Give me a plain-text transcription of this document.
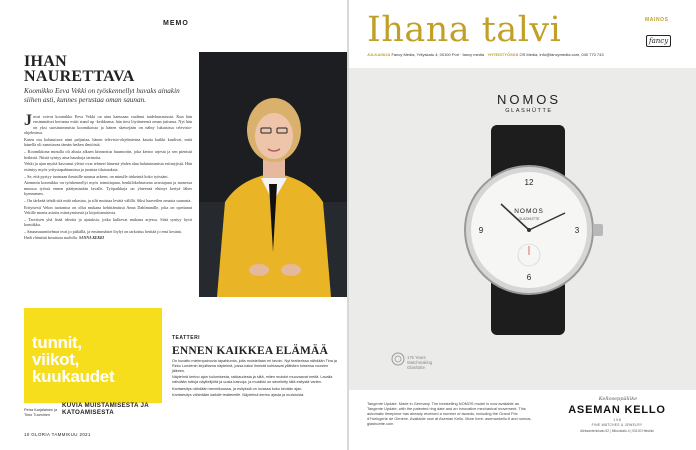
MEMO
IHAN
NAURETTAVA
Koomikko Eeva Vekki on työskennellyt huvaks ainakin siihen asti, kunnes perustaa oman saunan.

Juvat voivat koomikko Eeva Vekki on aina kanssaan vaalinut taideharrastusta. Kun hän ensimmäiset kertansa esitti stand up -keikkansa, hän tiesi löytäneensä oman juttunsa. Nyt hän on yksi suosituimmista koomikoista ja hänen sketsejään on nähty lukuisissa televisio-ohjelmissa.

Kuten osa kohauttava nimi paljastaa, hänen televisio-ohjelmiensa kautta kaikki kuulivat, mitä hänellä oli sanottavaa tämän hetken ilmiöistä.

– Koomikkona minulla oli alusta alkaen kiinnostus huumoriin, joka kertoo arjesta ja sen pienistä hetkistä. Niistä syntyy aina hauskoja tarinoita.

Vekki ja ajan myötä kasvanut yleisö ovat tehneet hänestä yhden alan halutuimmista esiintyjistä. Hän esiintyy myös yritystapahtumissa ja juontaa tilaisuuksia.

– Se, että pystyy tuomaan ihmisille naurua arkeen, on minulle tärkeintä koko työssäni.

Aiemmin koomikko on työskennellyt myös toimittajana, henkilökohtaisena avustajana ja monessa muussa työssä ennen päätymistään lavalle. Työpaikkoja on yhteensä ehtinyt kertyä lähes kymmenen.

– On tärkeää tehdä sitä mitä rakastaa, ja silti muistaa levätä välillä. Siksi haaveilen omasta saunasta.

Erityisesti Vekin tuotantoa on ollut mukana kehittämässä Anna Dahlmanille, joka on opettanut Vekille monia asioita esiintymisestä ja kirjoittamisesta.

– Tarvitsen yhä lisää ideoita ja ajatuksia, jotka kulkevat mukana arjessa. Siitä syntyy hyvä komiikka.

– Saunasuunnitelmat ovat jo pitkällä, ja ensimmäiset löylyt on tarkoitus heittää jo ensi kesänä.

Hetki elämästä kuvattuna studiolla. SANNA KEKKI

tunnit,
viikot,
kuukaudet
Petra Karjalainen ja Timo Tuominen
KUVIA MUISTAMISESTA JA KATOAMISESTA
TEATTERI
ENNEN KAIKKEA ELÄMÄÄ

On kuvattu mielenpainuvia tapahtumia, joita muistellaan eri tavoin. Nyt teatterissa nähdään Tina ja Reko Lundénin kirjoittama näytelmä, jossa kaksi ihmistä kohtaavat yllättäen toisensa vuosien jälkeen.

Näytelmä kertoo ajan kulumisesta, rakkaudesta ja siitä, miten muistot muovaavat meitä. Lavalla nähdään tuttuja näyttelijöitä ja uusia kasvoja, ja musiikki on sävelletty tätä esitystä varten.

Kantaesitys nähdään tammikuussa, ja esityksiä on luvassa koko kevään ajan.

Kantaesitys vähintään kaikille teattereille. Näytelmä kertoo ajasta ja muistoista.

10 GLORIA TAMMIKUU 2021
Ihana talvi	MAINOS
fancy
JULKAISIJA Fancy Media, Yrityskatu 4, 00100 Pori · fancy media YHTEISTYÖSSÄ OS Media, info@fancymedia.com, 040 770 743
NOMOS
GLASHÜTTE
12
6
9	3
NOMOS
GLASHÜTTE
175 Years
Watchmaking
Glashütte
Tangente Update. Made in Germany. The bestselling NOMOS model is now available as Tangente Update, with the patented ring date and an innovative mechanical movement. This automatic timepiece has already received a number of awards, including the Grand Prix d'Horlogerie de Genève. Available now at Aseman Kello. More here: asemankello.fi and nomos-glashuette.com
Kelloseppäliike
ASEMAN KELLO
1 9 8
FINE WATCHES & JEWELRY
Aleksanterinkatu 52 | Mikonkatu 4 | 00100 Helsinki
